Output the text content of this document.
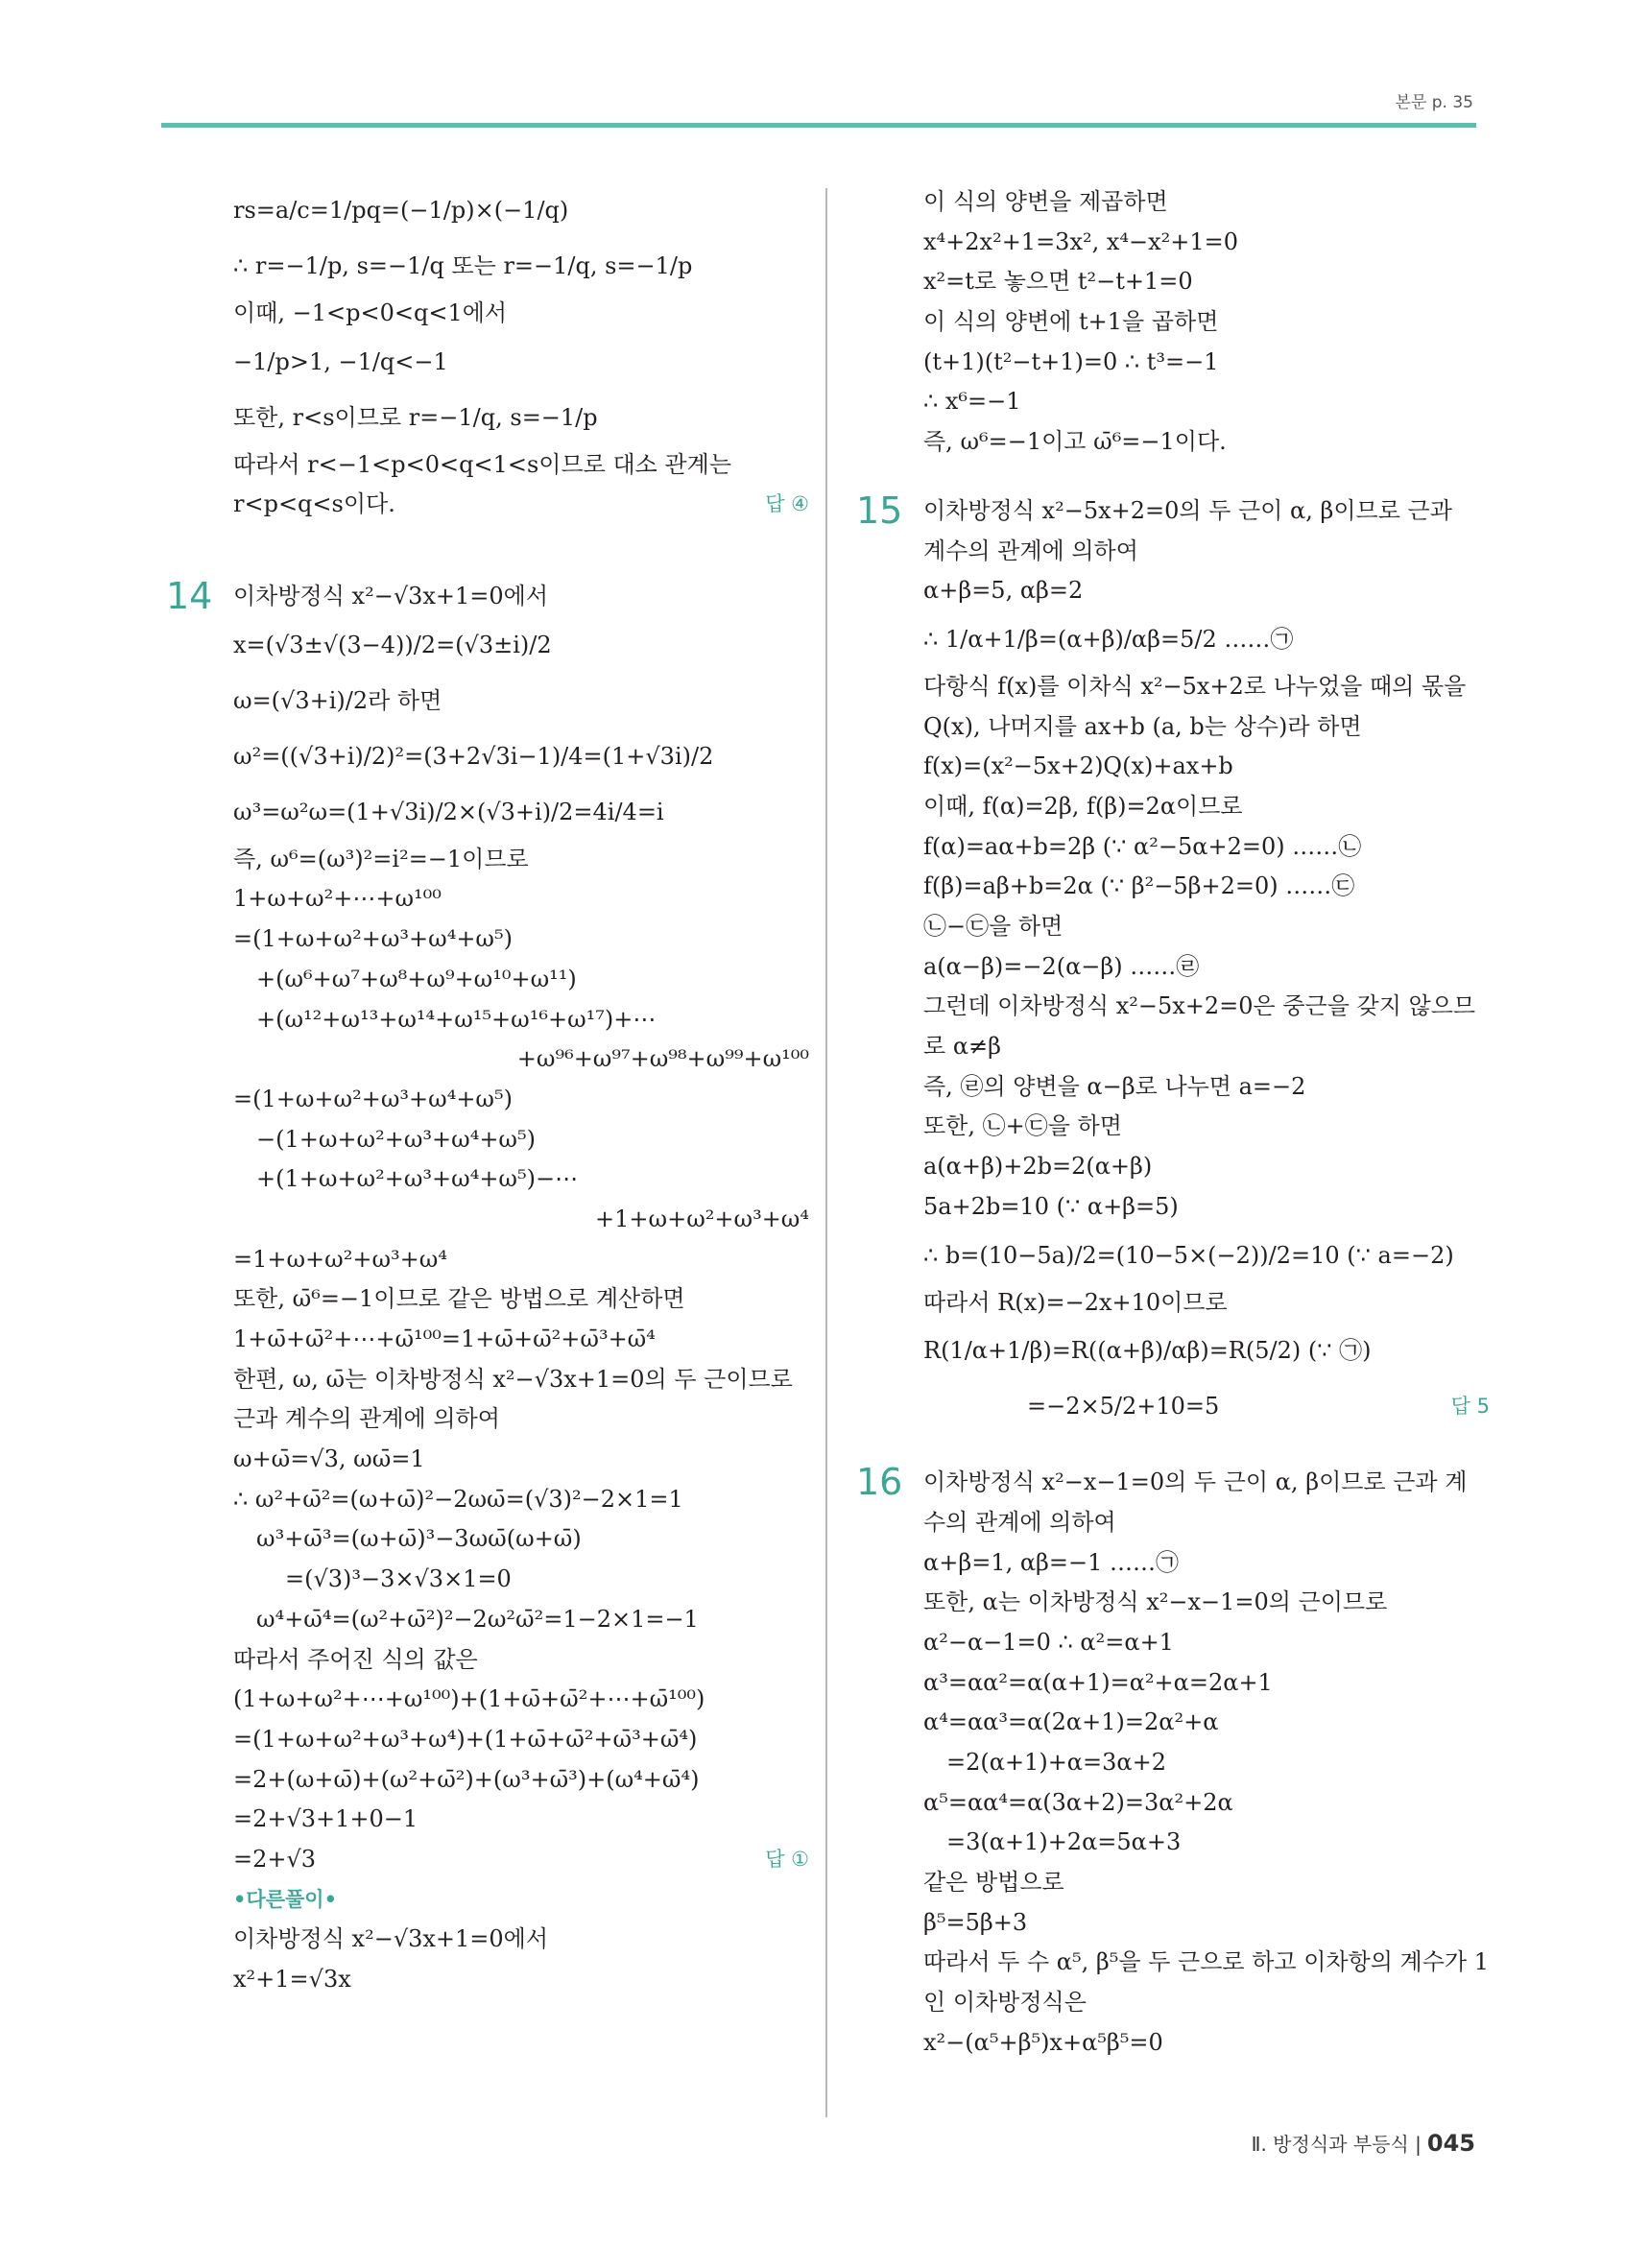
본문 p. 35
rs=a/c=1/pq=(−1/p)×(−1/q)
∴ r=−1/p, s=−1/q 또는 r=−1/q, s=−1/p
이때, −1<p<0<q<1에서
−1/p>1, −1/q<−1
또한, r<s이므로 r=−1/q, s=−1/p
따라서 r<−1<p<0<q<1<s이므로 대소 관계는
r<p<q<s이다.	답 ④
이차방정식 x²−√3x+1=0에서
14
x=(√3±√(3−4))/2=(√3±i)/2
ω=(√3+i)/2라 하면
ω²=((√3+i)/2)²=(3+2√3i−1)/4=(1+√3i)/2
ω³=ω²ω=(1+√3i)/2×(√3+i)/2=4i/4=i
즉, ω⁶=(ω³)²=i²=−1이므로
1+ω+ω²+⋯+ω¹⁰⁰
=(1+ω+ω²+ω³+ω⁴+ω⁵)
+(ω⁶+ω⁷+ω⁸+ω⁹+ω¹⁰+ω¹¹)
+(ω¹²+ω¹³+ω¹⁴+ω¹⁵+ω¹⁶+ω¹⁷)+⋯
+ω⁹⁶+ω⁹⁷+ω⁹⁸+ω⁹⁹+ω¹⁰⁰
=(1+ω+ω²+ω³+ω⁴+ω⁵)
−(1+ω+ω²+ω³+ω⁴+ω⁵)
+(1+ω+ω²+ω³+ω⁴+ω⁵)−⋯
+1+ω+ω²+ω³+ω⁴
=1+ω+ω²+ω³+ω⁴
또한, ω̄⁶=−1이므로 같은 방법으로 계산하면
1+ω̄+ω̄²+⋯+ω̄¹⁰⁰=1+ω̄+ω̄²+ω̄³+ω̄⁴
한편, ω, ω̄는 이차방정식 x²−√3x+1=0의 두 근이므로
근과 계수의 관계에 의하여
ω+ω̄=√3, ωω̄=1
∴ ω²+ω̄²=(ω+ω̄)²−2ωω̄=(√3)²−2×1=1
ω³+ω̄³=(ω+ω̄)³−3ωω̄(ω+ω̄)
=(√3)³−3×√3×1=0
ω⁴+ω̄⁴=(ω²+ω̄²)²−2ω²ω̄²=1−2×1=−1
따라서 주어진 식의 값은
(1+ω+ω²+⋯+ω¹⁰⁰)+(1+ω̄+ω̄²+⋯+ω̄¹⁰⁰)
=(1+ω+ω²+ω³+ω⁴)+(1+ω̄+ω̄²+ω̄³+ω̄⁴)
=2+(ω+ω̄)+(ω²+ω̄²)+(ω³+ω̄³)+(ω⁴+ω̄⁴)
=2+√3+1+0−1
=2+√3	답 ①
•다른풀이•
이차방정식 x²−√3x+1=0에서
x²+1=√3x
이 식의 양변을 제곱하면
x⁴+2x²+1=3x², x⁴−x²+1=0
x²=t로 놓으면 t²−t+1=0
이 식의 양변에 t+1을 곱하면
(t+1)(t²−t+1)=0 ∴ t³=−1
∴ x⁶=−1
즉, ω⁶=−1이고 ω̄⁶=−1이다.
이차방정식 x²−5x+2=0의 두 근이 α, β이므로 근과
15
계수의 관계에 의하여
α+β=5, αβ=2
∴ 1/α+1/β=(α+β)/αβ=5/2 ……㉠
다항식 f(x)를 이차식 x²−5x+2로 나누었을 때의 몫을
Q(x), 나머지를 ax+b (a, b는 상수)라 하면
f(x)=(x²−5x+2)Q(x)+ax+b
이때, f(α)=2β, f(β)=2α이므로
f(α)=aα+b=2β (∵ α²−5α+2=0) ……㉡
f(β)=aβ+b=2α (∵ β²−5β+2=0) ……㉢
㉡−㉢을 하면
a(α−β)=−2(α−β) ……㉣
그런데 이차방정식 x²−5x+2=0은 중근을 갖지 않으므
로 α≠β
즉, ㉣의 양변을 α−β로 나누면 a=−2
또한, ㉡+㉢을 하면
a(α+β)+2b=2(α+β)
5a+2b=10 (∵ α+β=5)
∴ b=(10−5a)/2=(10−5×(−2))/2=10 (∵ a=−2)
따라서 R(x)=−2x+10이므로
R(1/α+1/β)=R((α+β)/αβ)=R(5/2) (∵ ㉠)
=−2×5/2+10=5	답 5
이차방정식 x²−x−1=0의 두 근이 α, β이므로 근과 계
16
수의 관계에 의하여
α+β=1, αβ=−1 ……㉠
또한, α는 이차방정식 x²−x−1=0의 근이므로
α²−α−1=0 ∴ α²=α+1
α³=αα²=α(α+1)=α²+α=2α+1
α⁴=αα³=α(2α+1)=2α²+α
=2(α+1)+α=3α+2
α⁵=αα⁴=α(3α+2)=3α²+2α
=3(α+1)+2α=5α+3
같은 방법으로
β⁵=5β+3
따라서 두 수 α⁵, β⁵을 두 근으로 하고 이차항의 계수가 1
인 이차방정식은
x²−(α⁵+β⁵)x+α⁵β⁵=0
Ⅱ. 방정식과 부등식 | 045
